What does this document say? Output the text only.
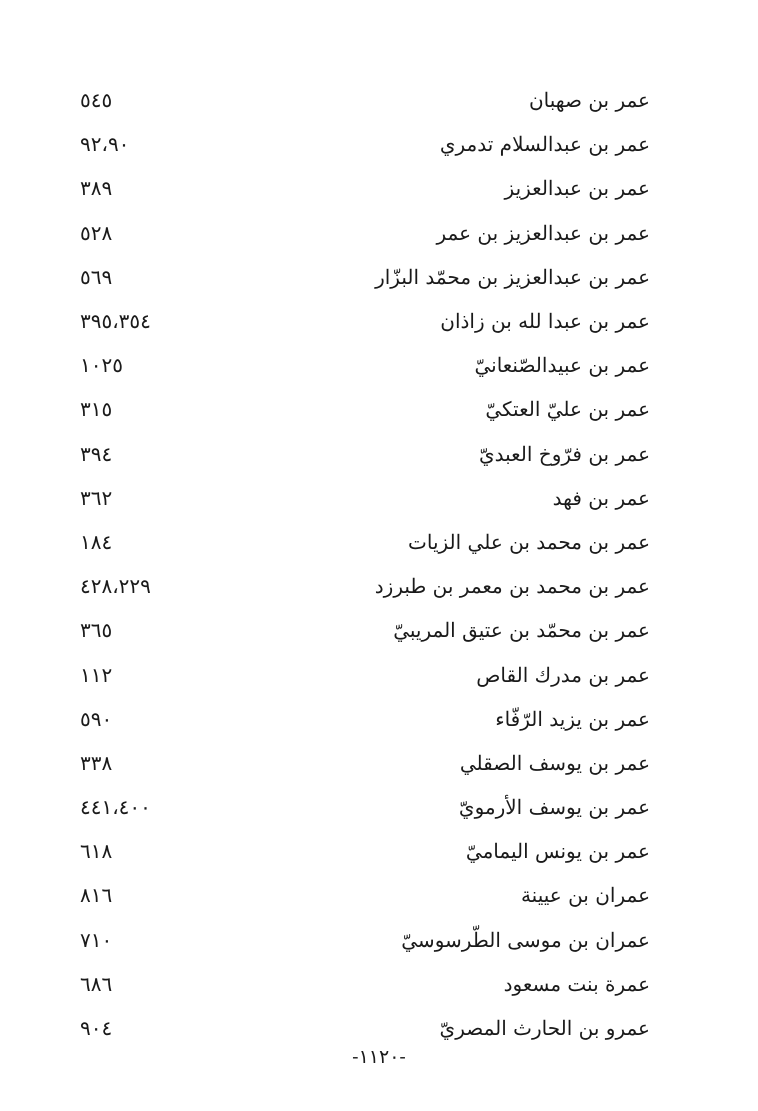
٥٤٥	عمر بن صهبان
٩٢،٩٠	عمر بن عبدالسلام تدمري
٣٨٩	عمر بن عبدالعزيز
٥٢٨	عمر بن عبدالعزيز بن عمر
٥٦٩	عمر بن عبدالعزيز بن محمّد البزّار
٣٩٥،٣٥٤	عمر بن عبدا لله بن زاذان
١٠٢٥	عمر بن عبيدالصّنعانيّ
٣١٥	عمر بن عليّ العتكيّ
٣٩٤	عمر بن فرّوخ العبديّ
٣٦٢	عمر بن فهد
١٨٤	عمر بن محمد بن علي الزيات
٤٢٨،٢٢٩	عمر بن محمد بن معمر بن طبرزد
٣٦٥	عمر بن محمّد بن عتيق المريبيّ
١١٢	عمر بن مدرك القاص
٥٩٠	عمر بن يزيد الرّفّاء
٣٣٨	عمر بن يوسف الصقلي
٤٤١،٤٠٠	عمر بن يوسف الأرمويّ
٦١٨	عمر بن يونس اليماميّ
٨١٦	عمران بن عيينة
٧١٠	عمران بن موسى الطّرسوسيّ
٦٨٦	عمرة بنت مسعود
٩٠٤	عمرو بن الحارث المصريّ
-١١٢٠-
